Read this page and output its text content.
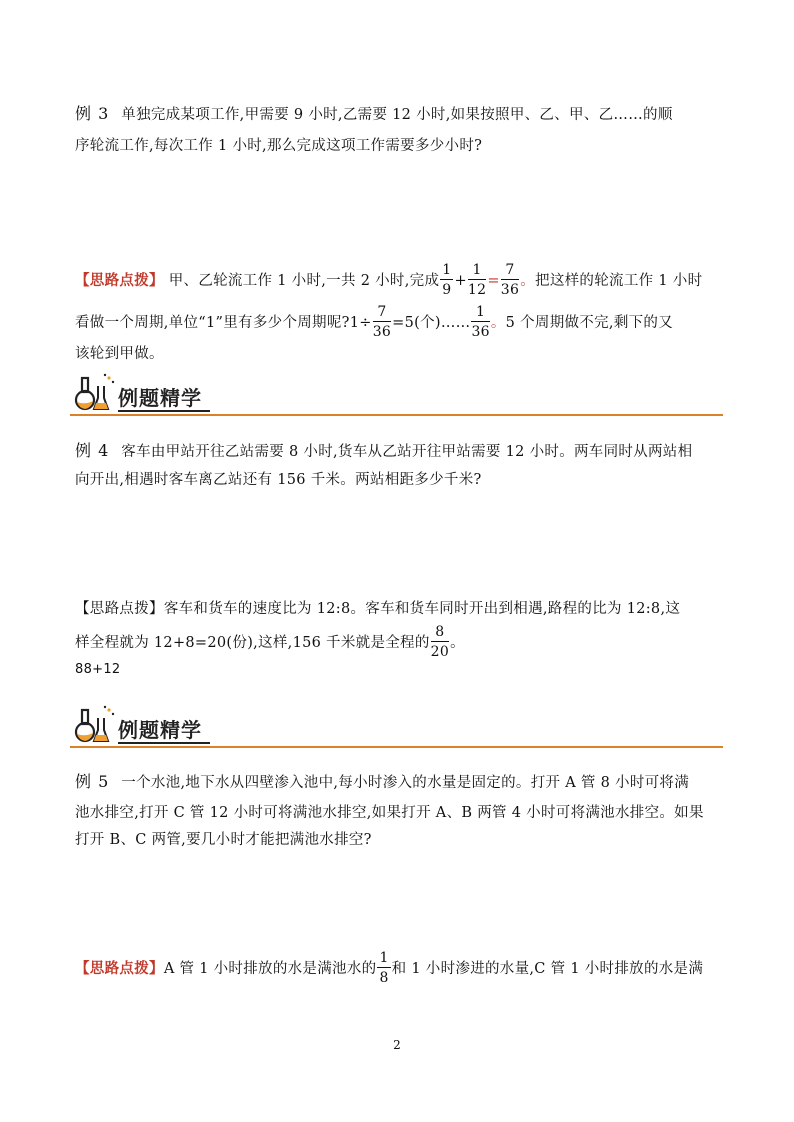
例 3 单独完成某项工作,甲需要 9 小时,乙需要 12 小时,如果按照甲、乙、甲、乙……的顺
序轮流工作,每次工作 1 小时,那么完成这项工作需要多少小时?
【思路点拨】 甲、乙轮流工作 1 小时,一共 2 小时,完成 $\frac{1}{9} + \frac{1}{12} = \frac{7}{36}$ 。把这样的轮流工作 1 小时
看做一个周期,单位“1”里有多少个周期呢?1÷ $\frac{7}{36} =5$(个)…… $\frac{1}{36}$ 。5 个周期做不完,剩下的又
该轮到甲做。
例题精学
例 4 客车由甲站开往乙站需要 8 小时,货车从乙站开往甲站需要 12 小时。两车同时从两站相
向开出,相遇时客车离乙站还有 156 千米。两站相距多少千米?
【思路点拨】客车和货车的速度比为 12:8。客车和货车同时开出到相遇,路程的比为 12:8,这
样全程就为 12+8=20(份),这样,156 千米就是全程的 $\frac{8}{20}$ 。
88+12
例题精学
例 5 一个水池,地下水从四壁渗入池中,每小时渗入的水量是固定的。打开 A 管 8 小时可将满
池水排空,打开 C 管 12 小时可将满池水排空,如果打开 A、B 两管 4 小时可将满池水排空。如果
打开 B、C 两管,要几小时才能把满池水排空?
【思路点拨】A 管 1 小时排放的水是满池水的 $\frac{1}{8}$ 和 1 小时渗进的水量,C 管 1 小时排放的水是满
2
